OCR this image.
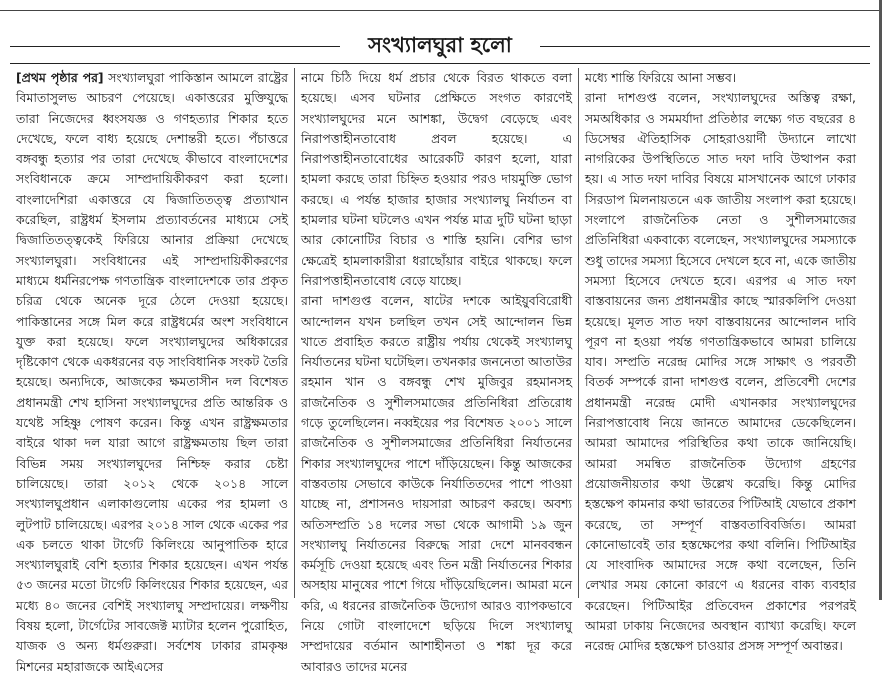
সংখ্যালঘুরা হলো

[প্রথম পৃষ্ঠার পর] সংখ্যালঘুরা পাকিস্তান আমলে রাষ্ট্রের বিমাতাসুলভ আচরণ পেয়েছে। একাত্তরের মুক্তিযুদ্ধে তারা নিজেদের ধ্বংসযজ্ঞ ও গণহত্যার শিকার হতে দেখেছে, ফলে বাধ্য হয়েছে দেশান্তরী হতে। পঁচাত্তরে বঙ্গবন্ধু হত্যার পর তারা দেখেছে কীভাবে বাংলাদেশের সংবিধানকে ক্রমে সাম্প্রদায়িকীকরণ করা হলো। বাংলাদেশিরা একাত্তরে যে দ্বিজাতিতত্ত্ব প্রত্যাখান করেছিল, রাষ্ট্রধর্ম ইসলাম প্রত্যাবর্তনের মাধ্যমে সেই দ্বিজাতিতত্ত্বকেই ফিরিয়ে আনার প্রক্রিয়া দেখেছে সংখ্যালঘুরা। সংবিধানের এই সাম্প্রদায়িকীকরণের মাধ্যমে ধর্মনিরপেক্ষ গণতান্ত্রিক বাংলাদেশকে তার প্রকৃত চরিত্র থেকে অনেক দূরে ঠেলে দেওয়া হয়েছে। পাকিস্তানের সঙ্গে মিল করে রাষ্ট্রধর্মের অংশ সংবিধানে যুক্ত করা হয়েছে। ফলে সংখ্যালঘুদের অধিকারের দৃষ্টিকোণ থেকে একধরনের বড় সাংবিধানিক সংকট তৈরি হয়েছে। অন্যদিকে, আজকের ক্ষমতাসীন দল বিশেষত প্রধানমন্ত্রী শেখ হাসিনা সংখ্যালঘুদের প্রতি আন্তরিক ও যথেষ্ট সহিষ্ণু পোষণ করেন। কিন্তু এখন রাষ্ট্রক্ষমতার বাইরে থাকা দল যারা আগে রাষ্ট্রক্ষমতায় ছিল তারা বিভিন্ন সময় সংখ্যালঘুদের নিশ্চিহ্ন করার চেষ্টা চালিয়েছে। তারা ২০১২ থেকে ২০১৪ সালে সংখ্যালঘুপ্রধান এলাকাগুলোয় একের পর হামলা ও লুটপাট চালিয়েছে। এরপর ২০১৪ সাল থেকে একের পর এক চলতে থাকা টার্গেট কিলিংয়ে আনুপাতিক হারে সংখ্যালঘুরাই বেশি হত্যার শিকার হয়েছেন। এখন পর্যন্ত ৫৩ জনের মতো টার্গেট কিলিংয়ের শিকার হয়েছেন, এর মধ্যে ৪০ জনের বেশিই সংখ্যালঘু সম্প্রদায়ের। লক্ষণীয় বিষয় হলো, টার্গেটের সাবজেক্ট ম্যাটার হলেন পুরোহিত, যাজক ও অন্য ধর্মগুরুরা। সর্বশেষ ঢাকার রামকৃষ্ণ মিশনের মহারাজকে আইএসের

নামে চিঠি দিয়ে ধর্ম প্রচার থেকে বিরত থাকতে বলা হয়েছে। এসব ঘটনার প্রেক্ষিতে সংগত কারণেই সংখ্যালঘুদের মনে আশঙ্কা, উদ্বেগ বেড়েছে এবং নিরাপত্তাহীনতাবোধ প্রবল হয়েছে। এ নিরাপত্তাহীনতাবোধের আরেকটি কারণ হলো, যারা হামলা করছে তারা চিহ্নিত হওয়ার পরও দায়মুক্তি ভোগ করছে। এ পর্যন্ত হাজার হাজার সংখ্যালঘু নির্যাতন বা হামলার ঘটনা ঘটলেও এখন পর্যন্ত মাত্র দুটি ঘটনা ছাড়া আর কোনোটির বিচার ও শাস্তি হয়নি। বেশির ভাগ ক্ষেত্রেই হামলাকারীরা ধরাছোঁয়ার বাইরে থাকছে। ফলে নিরাপত্তাহীনতাবোধ বেড়ে যাচ্ছে।

রানা দাশগুপ্ত বলেন, ষাটের দশকে আইয়ুববিরোধী আন্দোলন যখন চলছিল তখন সেই আন্দোলন ভিন্ন খাতে প্রবাহিত করতে রাষ্ট্রীয় পর্যায় থেকেই সংখ্যালঘু নির্যাতনের ঘটনা ঘটেছিল। তখনকার জননেতা আতাউর রহমান খান ও বঙ্গবন্ধু শেখ মুজিবুর রহমানসহ রাজনৈতিক ও সুশীলসমাজের প্রতিনিধিরা প্রতিরোধ গড়ে তুলেছিলেন। নব্বইয়ের পর বিশেষত ২০০১ সালে রাজনৈতিক ও সুশীলসমাজের প্রতিনিধিরা নির্যাতনের শিকার সংখ্যালঘুদের পাশে দাঁড়িয়েছেন। কিন্তু আজকের বাস্তবতায় সেভাবে কাউকে নির্যাতিতদের পাশে পাওয়া যাচ্ছে না, প্রশাসনও দায়সারা আচরণ করছে। অবশ্য অতিসম্প্রতি ১৪ দলের সভা থেকে আগামী ১৯ জুন সংখ্যালঘু নির্যাতনের বিরুদ্ধে সারা দেশে মানববন্ধন কর্মসূচি দেওয়া হয়েছে এবং তিন মন্ত্রী নির্যাতনের শিকার অসহায় মানুষের পাশে গিয়ে দাঁড়িয়েছিলেন। আমরা মনে করি, এ ধরনের রাজনৈতিক উদ্যোগ আরও ব্যাপকভাবে নিয়ে গোটা বাংলাদেশে ছড়িয়ে দিলে সংখ্যালঘু সম্প্রদায়ের বর্তমান আশাহীনতা ও শঙ্কা দূর করে আবারও তাদের মনের

মধ্যে শান্তি ফিরিয়ে আনা সম্ভব।

রানা দাশগুপ্ত বলেন, সংখ্যালঘুদের অস্তিত্ব রক্ষা, সমঅধিকার ও সমমর্যাদা প্রতিষ্ঠার লক্ষ্যে গত বছরের ৪ ডিসেম্বর ঐতিহাসিক সোহরাওয়ার্দী উদ্যানে লাখো নাগরিকের উপস্থিতিতে সাত দফা দাবি উত্থাপন করা হয়। এ সাত দফা দাবির বিষয়ে মাসখানেক আগে ঢাকার সিরডাপ মিলনায়তনে এক জাতীয় সংলাপ করা হয়েছে। সংলাপে রাজনৈতিক নেতা ও সুশীলসমাজের প্রতিনিধিরা একবাক্যে বলেছেন, সংখ্যালঘুদের সমস্যাকে শুধু তাদের সমস্যা হিসেবে দেখলে হবে না, একে জাতীয় সমস্যা হিসেবে দেখতে হবে। এরপর এ সাত দফা বাস্তবায়নের জন্য প্রধানমন্ত্রীর কাছে স্মারকলিপি দেওয়া হয়েছে। মূলত সাত দফা বাস্তবায়নের আন্দোলন দাবি পূরণ না হওয়া পর্যন্ত গণতান্ত্রিকভাবে আমরা চালিয়ে যাব। সম্প্রতি নরেন্দ্র মোদির সঙ্গে সাক্ষাৎ ও পরবর্তী বিতর্ক সম্পর্কে রানা দাশগুপ্ত বলেন, প্রতিবেশী দেশের প্রধানমন্ত্রী নরেন্দ্র মোদী এখানকার সংখ্যালঘুদের নিরাপত্তাবোধ নিয়ে জানতে আমাদের ডেকেছিলেন। আমরা আমাদের পরিস্থিতির কথা তাকে জানিয়েছি। আমরা সমন্বিত রাজনৈতিক উদ্যোগ গ্রহণের প্রয়োজনীয়তার কথা উল্লেখ করেছি। কিন্তু মোদির হস্তক্ষেপ কামনার কথা ভারতের পিটিআই যেভাবে প্রকাশ করেছে, তা সম্পূর্ণ বাস্তবতাবিবর্জিত। আমরা কোনোভাবেই তার হস্তক্ষেপের কথা বলিনি। পিটিআইর যে সাংবাদিক আমাদের সঙ্গে কথা বলেছেন, তিনি লেখার সময় কোনো কারণে এ ধরনের বাক্য ব্যবহার করেছেন। পিটিআইর প্রতিবেদন প্রকাশের পরপরই আমরা ঢাকায় নিজেদের অবস্থান ব্যাখ্যা করেছি। ফলে নরেন্দ্র মোদির হস্তক্ষেপ চাওয়ার প্রসঙ্গ সম্পূর্ণ অবান্তর।
